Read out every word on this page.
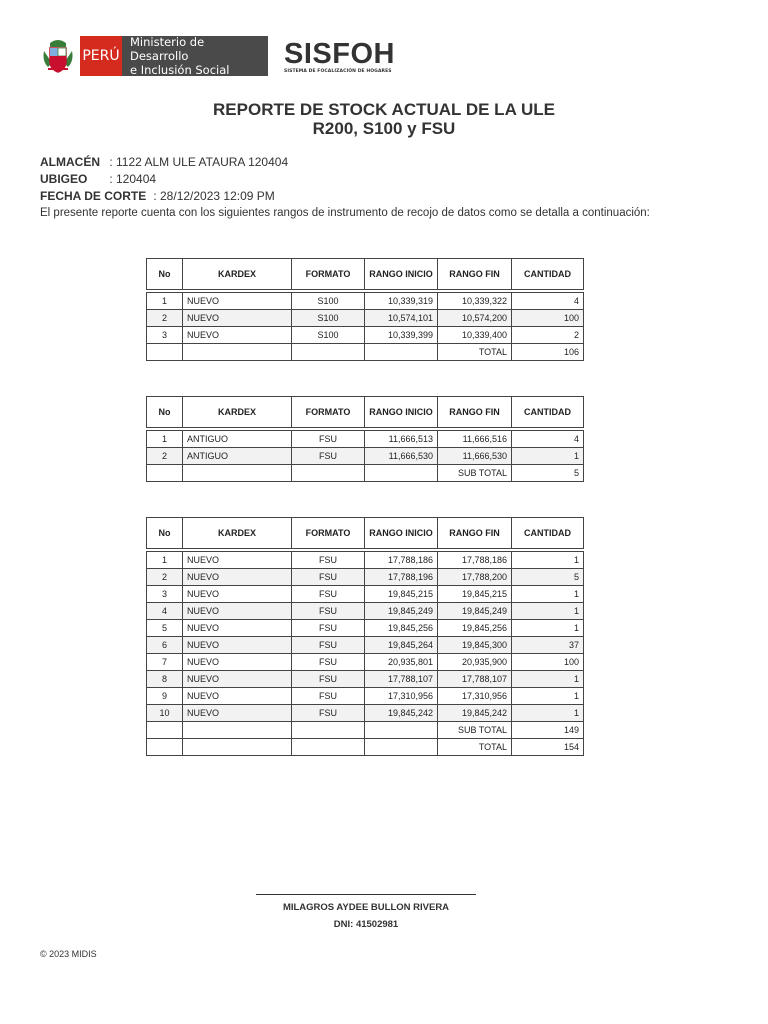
PERÚ
Ministerio de Desarrollo
e Inclusión Social
SISFOH
SISTEMA DE FOCALIZACIÓN DE HOGARES
REPORTE DE STOCK ACTUAL DE LA ULE
R200, S100 y FSU
ALMACÉN : 1122 ALM ULE ATAURA 120404
UBIGEO : 120404
FECHA DE CORTE : 28/12/2023 12:09 PM
El presente reporte cuenta con los siguientes rangos de instrumento de recojo de datos como se detalla a continuación:
No	KARDEX	FORMATO	RANGO INICIO	RANGO FIN	CANTIDAD

1	NUEVO	S100	10,339,319	10,339,322	4
2	NUEVO	S100	10,574,101	10,574,200	100
3	NUEVO	S100	10,339,399	10,339,400	2
				TOTAL	106
No	KARDEX	FORMATO	RANGO INICIO	RANGO FIN	CANTIDAD

1	ANTIGUO	FSU	11,666,513	11,666,516	4
2	ANTIGUO	FSU	11,666,530	11,666,530	1
				SUB TOTAL	5
No	KARDEX	FORMATO	RANGO INICIO	RANGO FIN	CANTIDAD

1	NUEVO	FSU	17,788,186	17,788,186	1
2	NUEVO	FSU	17,788,196	17,788,200	5
3	NUEVO	FSU	19,845,215	19,845,215	1
4	NUEVO	FSU	19,845,249	19,845,249	1
5	NUEVO	FSU	19,845,256	19,845,256	1
6	NUEVO	FSU	19,845,264	19,845,300	37
7	NUEVO	FSU	20,935,801	20,935,900	100
8	NUEVO	FSU	17,788,107	17,788,107	1
9	NUEVO	FSU	17,310,956	17,310,956	1
10	NUEVO	FSU	19,845,242	19,845,242	1
				SUB TOTAL	149
				TOTAL	154
MILAGROS AYDEE BULLON RIVERA
DNI: 41502981
© 2023 MIDIS
